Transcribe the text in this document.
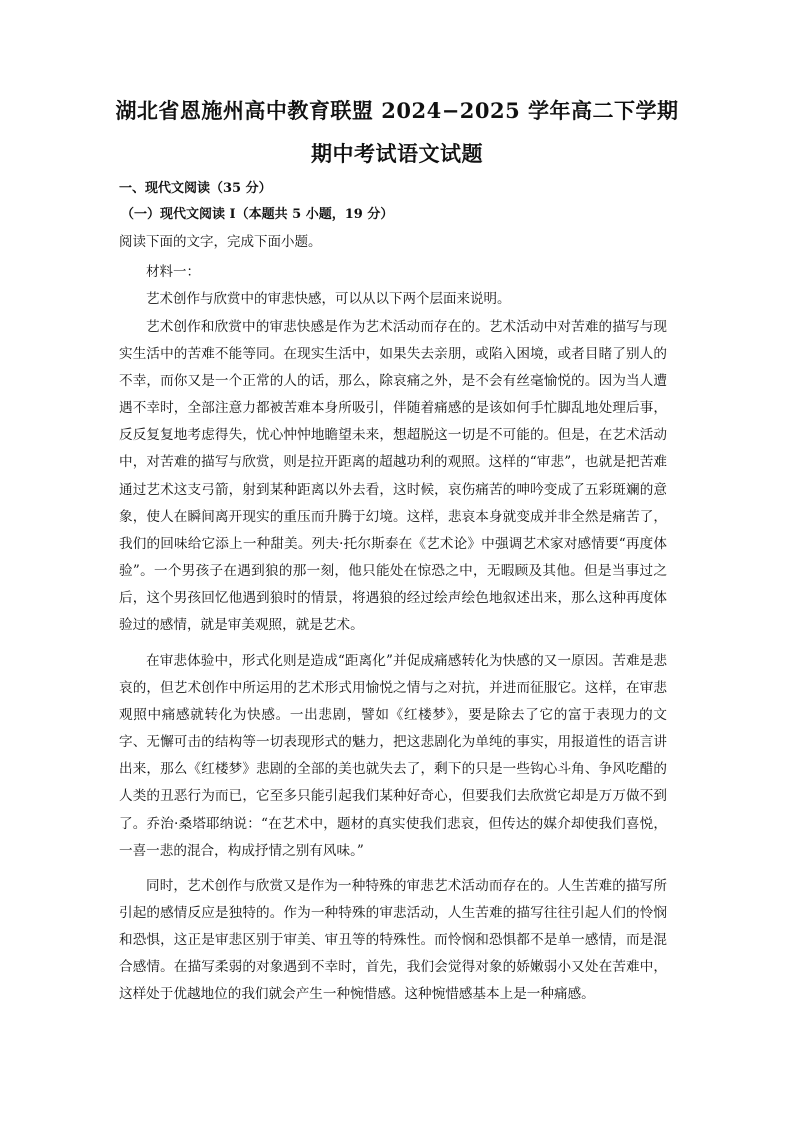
湖北省恩施州高中教育联盟 2024−2025 学年高二下学期
期中考试语文试题

一、现代文阅读（35 分）

（一）现代文阅读 I（本题共 5 小题，19 分）

阅读下面的文字，完成下面小题。

材料一：

艺术创作与欣赏中的审悲快感，可以从以下两个层面来说明。

艺术创作和欣赏中的审悲快感是作为艺术活动而存在的。艺术活动中对苦难的描写与现实生活中的苦难不能等同。在现实生活中，如果失去亲朋，或陷入困境，或者目睹了别人的不幸，而你又是一个正常的人的话，那么，除哀痛之外，是不会有丝毫愉悦的。因为当人遭遇不幸时，全部注意力都被苦难本身所吸引，伴随着痛感的是该如何手忙脚乱地处理后事，反反复复地考虑得失，忧心忡忡地瞻望未来，想超脱这一切是不可能的。但是，在艺术活动中，对苦难的描写与欣赏，则是拉开距离的超越功利的观照。这样的“审悲”，也就是把苦难通过艺术这支弓箭，射到某种距离以外去看，这时候，哀伤痛苦的呻吟变成了五彩斑斓的意象，使人在瞬间离开现实的重压而升腾于幻境。这样，悲哀本身就变成并非全然是痛苦了，我们的回味给它添上一种甜美。列夫·托尔斯泰在《艺术论》中强调艺术家对感情要“再度体验”。一个男孩子在遇到狼的那一刻，他只能处在惊恐之中，无暇顾及其他。但是当事过之后，这个男孩回忆他遇到狼时的情景，将遇狼的经过绘声绘色地叙述出来，那么这种再度体验过的感情，就是审美观照，就是艺术。

在审悲体验中，形式化则是造成“距离化”并促成痛感转化为快感的又一原因。苦难是悲哀的，但艺术创作中所运用的艺术形式用愉悦之情与之对抗，并进而征服它。这样，在审悲观照中痛感就转化为快感。一出悲剧，譬如《红楼梦》，要是除去了它的富于表现力的文字、无懈可击的结构等一切表现形式的魅力，把这悲剧化为单纯的事实，用报道性的语言讲出来，那么《红楼梦》悲剧的全部的美也就失去了，剩下的只是一些钩心斗角、争风吃醋的人类的丑恶行为而已，它至多只能引起我们某种好奇心，但要我们去欣赏它却是万万做不到了。乔治·桑塔耶纳说：“在艺术中，题材的真实使我们悲哀，但传达的媒介却使我们喜悦，一喜一悲的混合，构成抒情之别有风味。”

同时，艺术创作与欣赏又是作为一种特殊的审悲艺术活动而存在的。人生苦难的描写所引起的感情反应是独特的。作为一种特殊的审悲活动，人生苦难的描写往往引起人们的怜悯和恐惧，这正是审悲区别于审美、审丑等的特殊性。而怜悯和恐惧都不是单一感情，而是混合感情。在描写柔弱的对象遇到不幸时，首先，我们会觉得对象的娇嫩弱小又处在苦难中，这样处于优越地位的我们就会产生一种惋惜感。这种惋惜感基本上是一种痛感。
